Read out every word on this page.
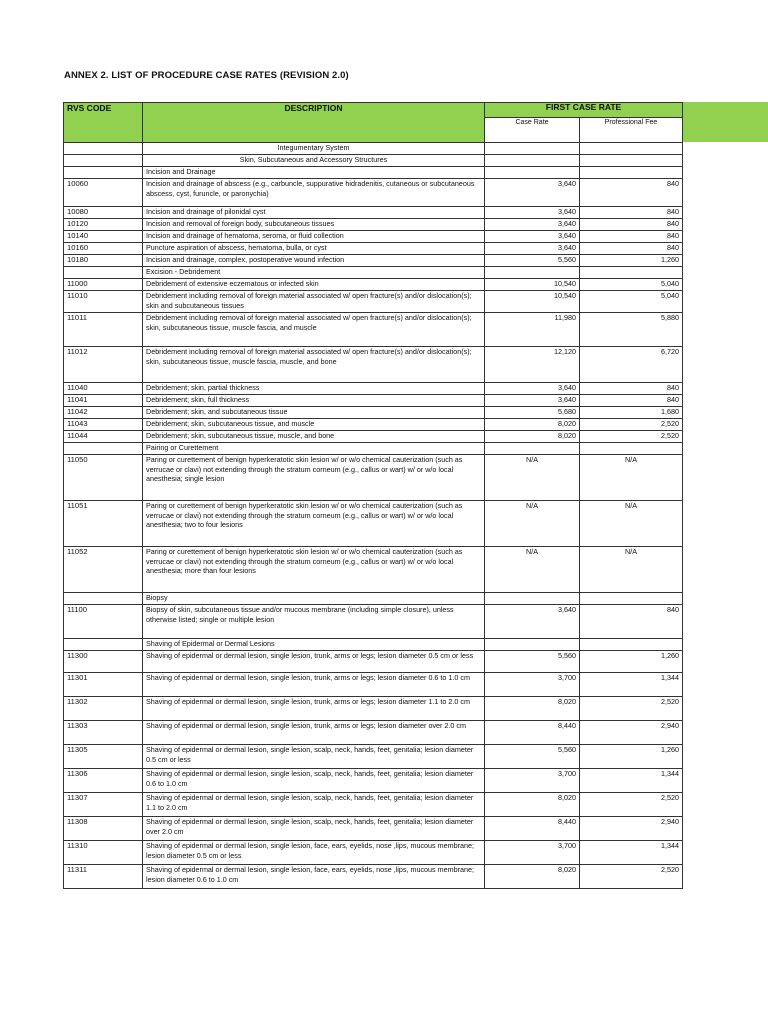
ANNEX 2. LIST OF PROCEDURE CASE RATES (REVISION 2.0)
RVS CODE	DESCRIPTION	FIRST CASE RATE	
		Case Rate	Professional Fee
	Integumentary System		
	Skin, Subcutaneous and Accessory Structures		
	Incision and Drainage		
10060	Incision and drainage of abscess (e.g., carbuncle, suppurative hidradenitis, cutaneous or subcutaneous abscess, cyst, furuncle, or paronychia)	3,640	840
10080	Incision and drainage of pilonidal cyst	3,640	840
10120	Incision and removal of foreign body, subcutaneous tissues	3,640	840
10140	Incision and drainage of hematoma, seroma, or fluid collection	3,640	840
10160	Puncture aspiration of abscess, hematoma, bulla, or cyst	3,640	840
10180	Incision and drainage, complex, postoperative wound infection	5,560	1,260
	Excision - Debridement		
11000	Debridement of extensive eczematous or infected skin	10,540	5,040
11010	Debridement including removal of foreign material associated w/ open fracture(s) and/or dislocation(s); skin and subcutaneous tissues	10,540	5,040
11011	Debridement including removal of foreign material associated w/ open fracture(s) and/or dislocation(s); skin, subcutaneous tissue, muscle fascia, and muscle	11,980	5,880
11012	Debridement including removal of foreign material associated w/ open fracture(s) and/or dislocation(s); skin, subcutaneous tissue, muscle fascia, muscle, and bone	12,120	6,720
11040	Debridement; skin, partial thickness	3,640	840
11041	Debridement; skin, full thickness	3,640	840
11042	Debridement; skin, and subcutaneous tissue	5,680	1,680
11043	Debridement; skin, subcutaneous tissue, and muscle	8,020	2,520
11044	Debridement; skin, subcutaneous tissue, muscle, and bone	8,020	2,520
	Pairing or Curettement		
11050	Paring or curettement of benign hyperkeratotic skin lesion w/ or w/o chemical cauterization (such as verrucae or clavi) not extending through the stratum corneum (e.g., callus or wart) w/ or w/o local anesthesia; single lesion	N/A	N/A
11051	Paring or curettement of benign hyperkeratotic skin lesion w/ or w/o chemical cauterization (such as verrucae or clavi) not extending through the stratum corneum (e.g., callus or wart) w/ or w/o local anesthesia; two to four lesions	N/A	N/A
11052	Paring or curettement of benign hyperkeratotic skin lesion w/ or w/o chemical cauterization (such as verrucae or clavi) not extending through the stratum corneum (e.g., callus or wart) w/ or w/o local anesthesia; more than four lesions	N/A	N/A
	Biopsy		
11100	Biopsy of skin, subcutaneous tissue and/or mucous membrane (including simple closure), unless otherwise listed; single or multiple lesion	3,640	840
	Shaving of Epidermal or Dermal Lesions		
11300	Shaving of epidermal or dermal lesion, single lesion, trunk, arms or legs; lesion diameter 0.5 cm or less	5,560	1,260
11301	Shaving of epidermal or dermal lesion, single lesion, trunk, arms or legs; lesion diameter 0.6 to 1.0 cm	3,700	1,344
11302	Shaving of epidermal or dermal lesion, single lesion, trunk, arms or legs; lesion diameter 1.1 to 2.0 cm	8,020	2,520
11303	Shaving of epidermal or dermal lesion, single lesion, trunk, arms or legs; lesion diameter over 2.0 cm	8,440	2,940
11305	Shaving of epidermal or dermal lesion, single lesion, scalp, neck, hands, feet, genitalia; lesion diameter 0.5 cm or less	5,560	1,260
11306	Shaving of epidermal or dermal lesion, single lesion, scalp, neck, hands, feet, genitalia; lesion diameter 0.6 to 1.0 cm	3,700	1,344
11307	Shaving of epidermal or dermal lesion, single lesion, scalp, neck, hands, feet, genitalia; lesion diameter 1.1 to 2.0 cm	8,020	2,520
11308	Shaving of epidermal or dermal lesion, single lesion, scalp, neck, hands, feet, genitalia; lesion diameter over 2.0 cm	8,440	2,940
11310	Shaving of epidermal or dermal lesion, single lesion, face, ears, eyelids, nose ,lips, mucous membrane; lesion diameter 0.5 cm or less	3,700	1,344
11311	Shaving of epidermal or dermal lesion, single lesion, face, ears, eyelids, nose ,lips, mucous membrane; lesion diameter 0.6 to 1.0 cm	8,020	2,520
